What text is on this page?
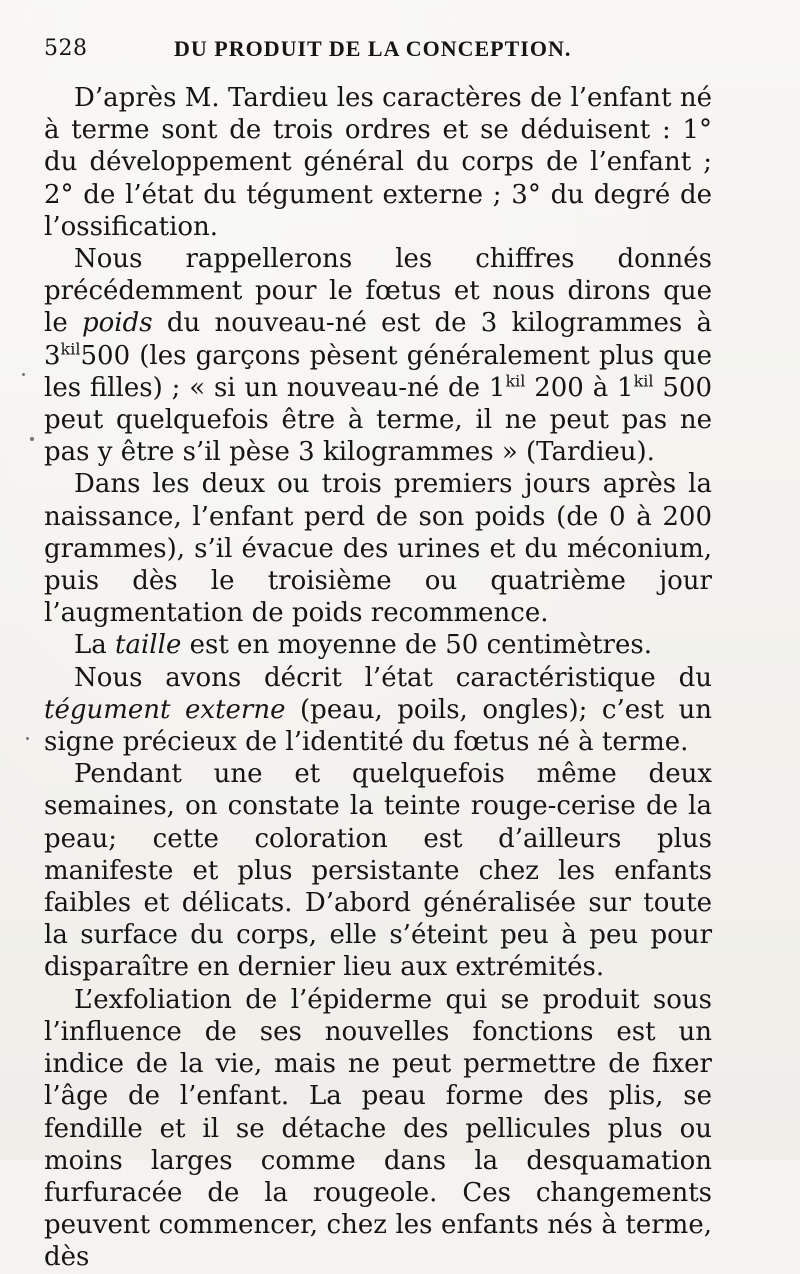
528	DU PRODUIT DE LA CONCEPTION.

D’après M. Tardieu les caractères de l’enfant né à terme sont de trois ordres et se déduisent : 1° du développement général du corps de l’enfant ; 2° de l’état du tégument externe ; 3° du degré de l’ossification.

Nous rappellerons les chiffres donnés précédemment pour le fœtus et nous dirons que le poids du nouveau-né est de 3 kilogrammes à $3^{kil}500$ (les garçons pèsent généralement plus que les filles) ; « si un nouveau-né de $1^{kil}$ 200 à $1^{kil}$ 500 peut quelquefois être à terme, il ne peut pas ne pas y être s’il pèse 3 kilogrammes » (Tardieu).

Dans les deux ou trois premiers jours après la naissance, l’enfant perd de son poids (de 0 à 200 grammes), s’il évacue des urines et du méconium, puis dès le troisième ou quatrième jour l’augmentation de poids recommence.

La taille est en moyenne de 50 centimètres.

Nous avons décrit l’état caractéristique du tégument externe (peau, poils, ongles); c’est un signe précieux de l’identité du fœtus né à terme.

Pendant une et quelquefois même deux semaines, on constate la teinte rouge-cerise de la peau; cette coloration est d’ailleurs plus manifeste et plus persistante chez les enfants faibles et délicats. D’abord généralisée sur toute la surface du corps, elle s’éteint peu à peu pour disparaître en dernier lieu aux extrémités.

L’exfoliation de l’épiderme qui se produit sous l’influence de ses nouvelles fonctions est un indice de la vie, mais ne peut permettre de fixer l’âge de l’enfant. La peau forme des plis, se fendille et il se détache des pellicules plus ou moins larges comme dans la desquamation furfuracée de la rougeole. Ces changements peuvent commencer, chez les enfants nés à terme, dès
